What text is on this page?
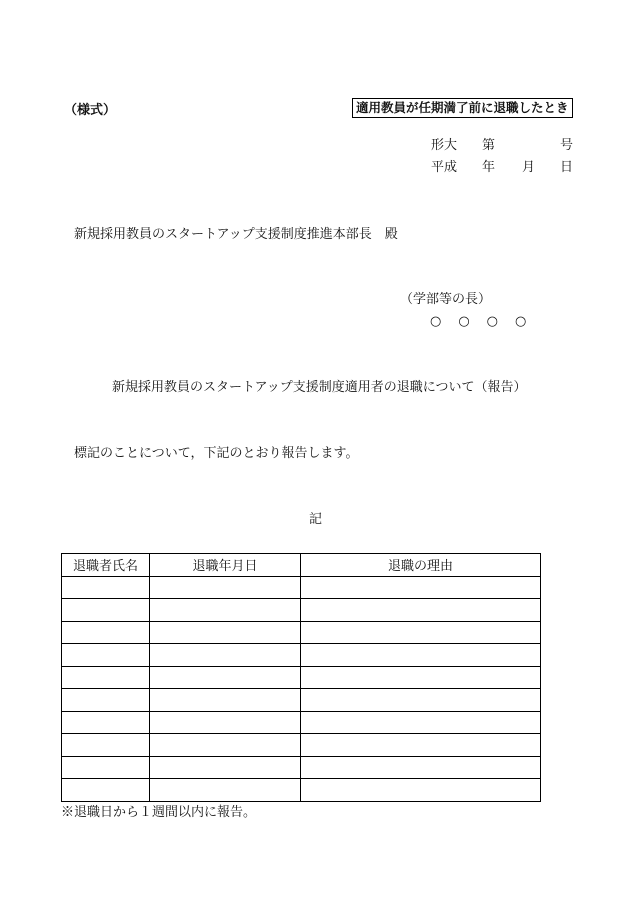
（様式）	適用教員が任期満了前に退職したとき
形大 第	号
平成 年 月 日
新規採用教員のスタートアップ支援制度推進本部長　殿
（学部等の長）
○　○　○　○
新規採用教員のスタートアップ支援制度適用者の退職について（報告）
標記のことについて，下記のとおり報告します。
記
退職者氏名	退職年月日	退職の理由

※退職日から１週間以内に報告。
